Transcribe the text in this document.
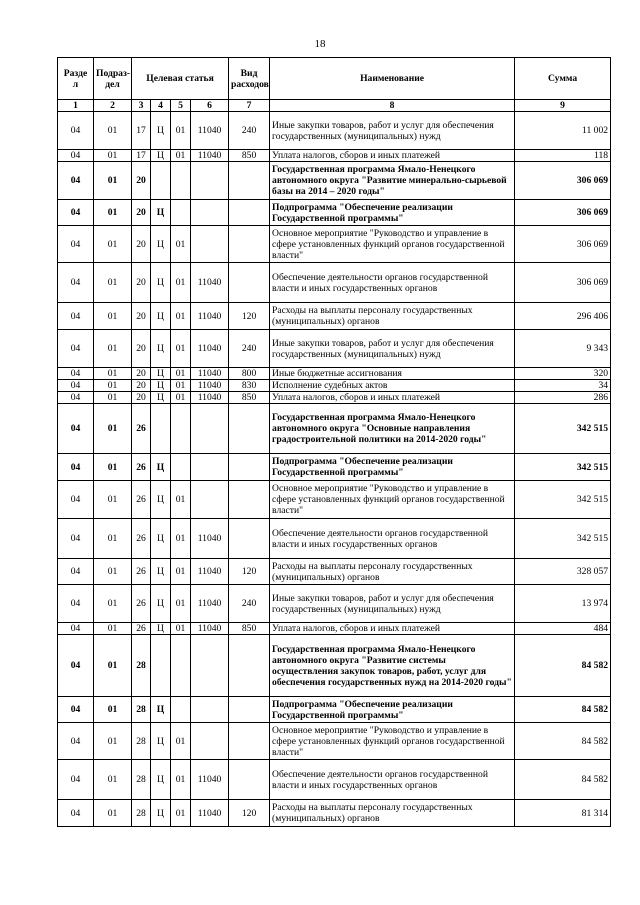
18
Разде л	Подраз- дел	Целевая статья				Вид расходов	Наименование	Сумма
1	2	3	4	5	6	7	8	9
04	01	17	Ц	01	11040	240	Иные закупки товаров, работ и услуг для обеспечения государственных (муниципальных) нужд	11 002
04	01	17	Ц	01	11040	850	Уплата налогов, сборов и иных платежей	118
04	01	20					Государственная программа Ямало-Ненецкого автономного округа "Развитие минерально-сырьевой базы на 2014 – 2020 годы"	306 069
04	01	20	Ц				Подпрограмма "Обеспечение реализации Государственной программы"	306 069
04	01	20	Ц	01			Основное мероприятие "Руководство и управление в сфере установленных функций органов государственной власти"	306 069
04	01	20	Ц	01	11040		Обеспечение деятельности органов государственной власти и иных государственных органов	306 069
04	01	20	Ц	01	11040	120	Расходы на выплаты персоналу государственных (муниципальных) органов	296 406
04	01	20	Ц	01	11040	240	Иные закупки товаров, работ и услуг для обеспечения государственных (муниципальных) нужд	9 343
04	01	20	Ц	01	11040	800	Иные бюджетные ассигнования	320
04	01	20	Ц	01	11040	830	Исполнение судебных актов	34
04	01	20	Ц	01	11040	850	Уплата налогов, сборов и иных платежей	286
04	01	26					Государственная программа Ямало-Ненецкого автономного округа "Основные направления градостроительной политики на 2014-2020 годы"	342 515
04	01	26	Ц				Подпрограмма "Обеспечение реализации Государственной программы"	342 515
04	01	26	Ц	01			Основное мероприятие "Руководство и управление в сфере установленных функций органов государственной власти"	342 515
04	01	26	Ц	01	11040		Обеспечение деятельности органов государственной власти и иных государственных органов	342 515
04	01	26	Ц	01	11040	120	Расходы на выплаты персоналу государственных (муниципальных) органов	328 057
04	01	26	Ц	01	11040	240	Иные закупки товаров, работ и услуг для обеспечения государственных (муниципальных) нужд	13 974
04	01	26	Ц	01	11040	850	Уплата налогов, сборов и иных платежей	484
04	01	28					Государственная программа Ямало-Ненецкого автономного округа "Развитие системы осуществления закупок товаров, работ, услуг для обеспечения государственных нужд на 2014-2020 годы"	84 582
04	01	28	Ц				Подпрограмма "Обеспечение реализации Государственной программы"	84 582
04	01	28	Ц	01			Основное мероприятие "Руководство и управление в сфере установленных функций органов государственной власти"	84 582
04	01	28	Ц	01	11040		Обеспечение деятельности органов государственной власти и иных государственных органов	84 582
04	01	28	Ц	01	11040	120	Расходы на выплаты персоналу государственных (муниципальных) органов	81 314
